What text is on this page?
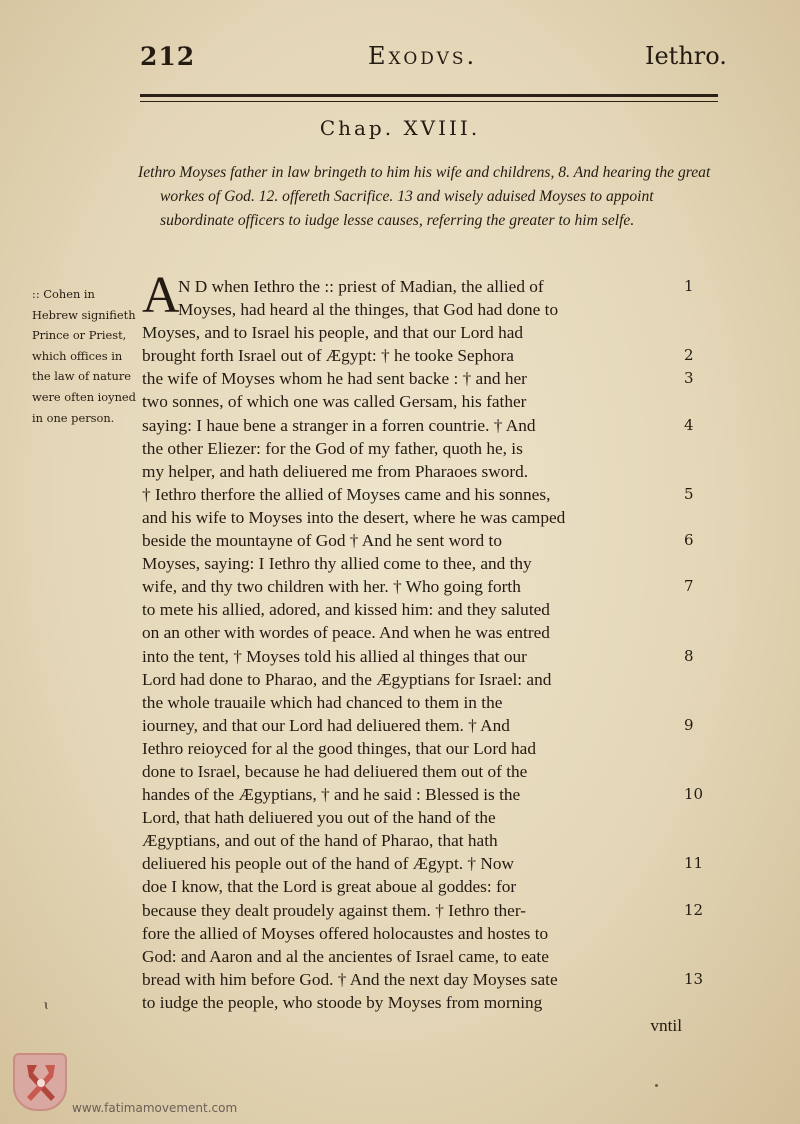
212	Exodvs.	Iethro.
Chap. XVIII.
Iethro Moyses father in law bringeth to him his wife and childrens, 8. And hearing the great workes of God. 12. offereth Sacrifice. 13 and wisely aduised Moyses to appoint subordinate officers to iudge lesse causes, referring the greater to him selfe.
:: Cohen in Hebrew signifieth Prince or Priest, which offices in the law of nature were often ioyned in one person.
A
N D when Iethro the :: priest of Madian, the allied of
Moyses, had heard al the thinges, that God had done to
Moyses, and to Israel his people, and that our Lord had
brought forth Israel out of Ægypt: † he tooke Sephora
the wife of Moyses whom he had sent backe : † and her
two sonnes, of which one was called Gersam, his father
saying: I haue bene a stranger in a forren countrie. † And
the other Eliezer: for the God of my father, quoth he, is
my helper, and hath deliuered me from Pharaoes sword.
† Iethro therfore the allied of Moyses came and his sonnes,
and his wife to Moyses into the desert, where he was camped
beside the mountayne of God † And he sent word to
Moyses, saying: I Iethro thy allied come to thee, and thy
wife, and thy two children with her. † Who going forth
to mete his allied, adored, and kissed him: and they saluted
on an other with wordes of peace. And when he was entred
into the tent, † Moyses told his allied al thinges that our
Lord had done to Pharao, and the Ægyptians for Israel: and
the whole trauaile which had chanced to them in the
iourney, and that our Lord had deliuered them. † And
Iethro reioyced for al the good thinges, that our Lord had
done to Israel, because he had deliuered them out of the
handes of the Ægyptians, † and he said : Blessed is the
Lord, that hath deliuered you out of the hand of the
Ægyptians, and out of the hand of Pharao, that hath
deliuered his people out of the hand of Ægypt. † Now
doe I know, that the Lord is great aboue al goddes: for
because they dealt proudely against them. † Iethro ther-
fore the allied of Moyses offered holocaustes and hostes to
God: and Aaron and al the ancientes of Israel came, to eate
bread with him before God. † And the next day Moyses sate
to iudge the people, who stoode by Moyses from morning
vntil
1
2
3
4
5
6
7
8
9
10
11
12
13
ɩ
www.fatimamovement.com
